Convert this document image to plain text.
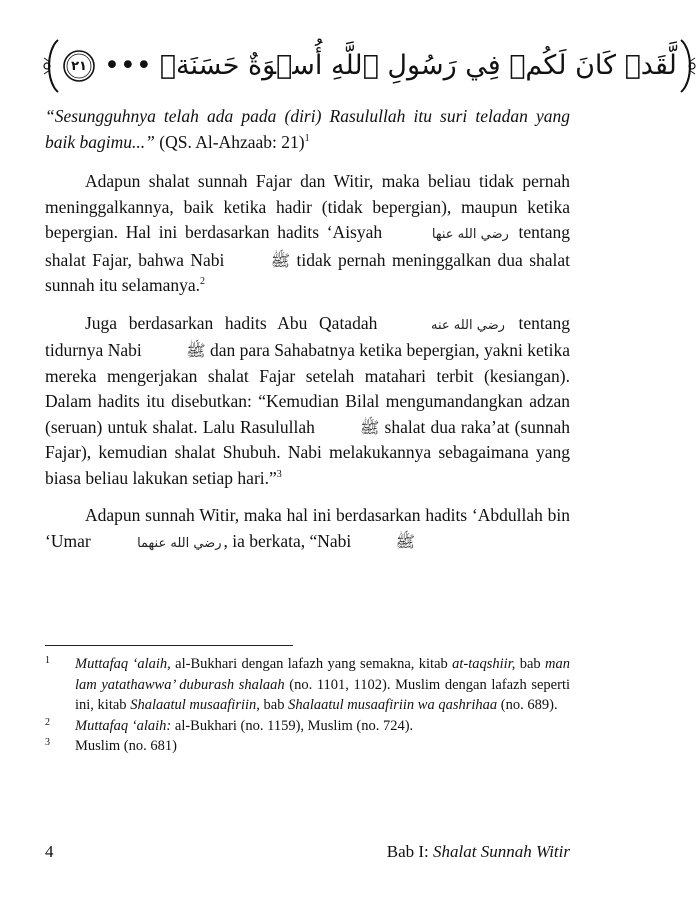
٢١ ••• لَّقَدۡ كَانَ لَكُمۡ فِي رَسُولِ ٱللَّهِ أُسۡوَةٌ حَسَنَةٞ

“Sesungguhnya telah ada pada (diri) Rasulullah itu suri teladan yang baik bagimu...” (QS. Al-Ahzaab: 21)$^1$

Adapun shalat sunnah Fajar dan Witir, maka beliau tidak pernah meninggalkannya, baik ketika hadir (tidak bepergian), maupun ketika bepergian. Hal ini berdasarkan hadits ‘Aisyah	رضي الله عنها tentang shalat Fajar, bahwa Nabi	ﷺ tidak pernah meninggalkan dua shalat sunnah itu selamanya.$^2$

Juga berdasarkan hadits Abu Qatadah	رضي الله عنه tentang tidurnya Nabi	ﷺ dan para Sahabatnya ketika bepergian, yakni ketika mereka mengerjakan shalat Fajar setelah matahari terbit (kesiangan). Dalam hadits itu disebutkan: “Kemudian Bilal mengumandangkan adzan (seruan) untuk shalat. Lalu Rasulullah	ﷺ shalat dua raka’at (sunnah Fajar), kemudian shalat Shubuh. Nabi melakukannya sebagaimana yang biasa beliau lakukan setiap hari.”$^3$

Adapun sunnah Witir, maka hal ini berdasarkan hadits ‘Abdullah bin ‘Umar	رضي الله عنهما , ia berkata, “Nabi	ﷺ

1	Muttafaq ‘alaih, al-Bukhari dengan lafazh yang semakna, kitab at-taqshiir, bab man lam yatathawwa’ duburash shalaah (no. 1101, 1102). Muslim dengan lafazh seperti ini, kitab Shalaatul musaafiriin, bab Shalaatul musaafiriin wa qashrihaa (no. 689).
2	Muttafaq ‘alaih: al-Bukhari (no. 1159), Muslim (no. 724).
3	Muslim (no. 681)
4	Bab I: Shalat Sunnah Witir
